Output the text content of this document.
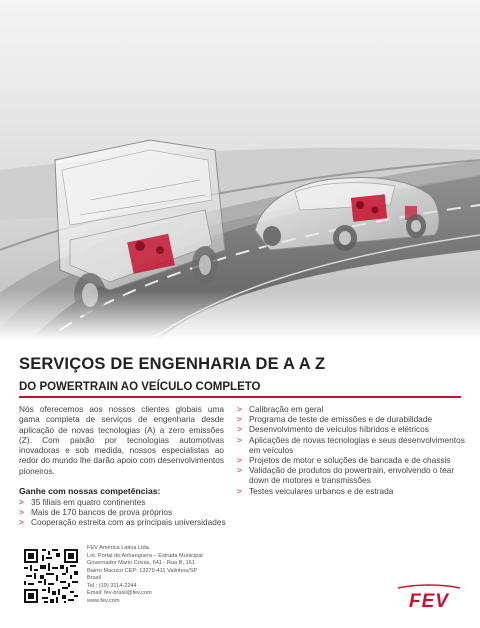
SERVIÇOS DE ENGENHARIA DE A A Z
DO POWERTRAIN AO VEÍCULO COMPLETO
Nós oferecemos aos nossos clientes globais uma gama completa de serviços de engenharia desde aplicação de novas tecnologias (A) a zero emissões (Z). Com paixão por tecnologias automotivas inovadoras e sob medida, nossos especialistas ao redor do mundo lhe darão apoio com desenvolvimentos pioneiros.
Ganhe com nossas competências:
> 35 filiais em quatro continentes
> Mais de 170 bancos de prova próprios
> Cooperação estreita com as principais universidades
> Calibração em geral
> Programa de teste de emissões e de durabilidade
> Desenvolvimento de veículos híbridos e elétricos
> Aplicações de novas tecnologias e seus desenvolvimentos em veículos
> Projetos de motor e soluções de bancada e de chassis
> Validação de produtos do powertrain, envolvendo o tear down de motores e transmissões
> Testes veiculares urbanos e de estrada
FEV América Latina Ltda.
Lot. Portal do Anhanguera – Estrada Municipal
Governador Mario Covas, 641 - Rua B, 161
Bairro Macuco CEP: 13279-411 Valinhos/SP
Brasil
Tel.: (19) 3114-2244
Email: fev-brasil@fev.com
www.fev.com	FEV
